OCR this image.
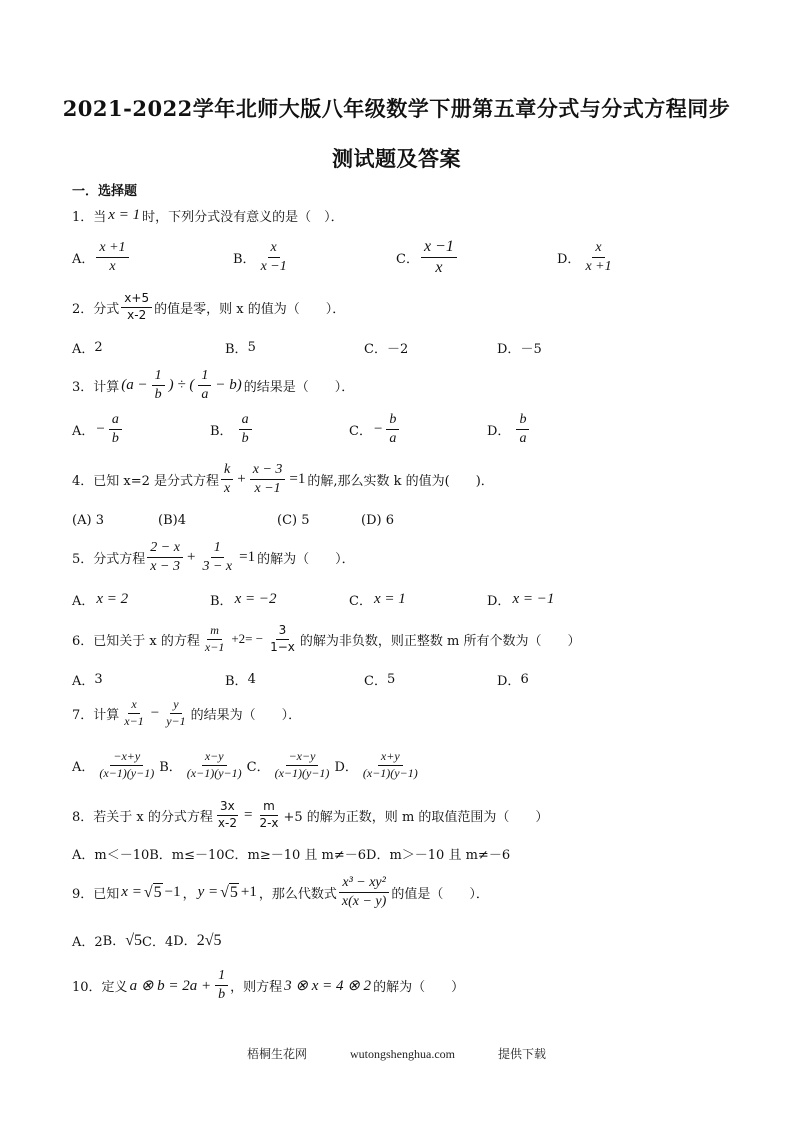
2021-2022学年北师大版八年级数学下册第五章分式与分式方程同步
测试题及答案
一．选择题
1． 当 x = 1 时，下列分式没有意义的是（　）．
A． $\frac{x +1}{x}$	B． $\frac{x}{x -1}$	C． $\frac{x -1}{x}$	D． $\frac{x}{x +1}$
2． 分式 $\frac{x+5}{x-2}$ 的值是零，则 x 的值为（　　）．
A． 2	B． 5	C． －2	D． －5
3． 计算 ($a - \frac{1}{b}$ ) ÷ ( $\frac{1}{a} - b$) 的结果是（　　）．
A． − $\frac{a}{b}$	B． $\frac{a}{b}$	C． − $\frac{b}{a}$	D． $\frac{b}{a}$
4． 已知 x=2 是分式方程 $\frac{k}{x} + \frac{x - 3}{x -1} =1$ 的解,那么实数 k 的值为(　　)．
(A)
3	(B) 4	(C)
5	(D)
6
5． 分式方程 $\frac{2 - x}{x - 3} + \frac{1}{3 - x} =1$ 的解为（　　）．
A． x = 2	B． x = −2	C． x = 1	D． x = −1
6． 已知关于 x 的方程 $\frac{m}{x-1} +2= - \frac{3}{1-x}$ 的解为非负数，则正整数 m 所有个数为（　　）
A． 3	B． 4	C． 5	D． 6
7． 计算 $\frac{x}{x-1} - \frac{y}{y-1}$ 的结果为（　　）．
A． $\frac{-x+y}{(x-1)(y-1)}$ B． $\frac{x-y}{(x-1)(y-1)}$ C． $\frac{-x-y}{(x-1)(y-1)}$ D． $\frac{x+y}{(x-1)(y-1)}$
8． 若关于 x 的分式方程 $\frac{3x}{x-2} = \frac{m}{2-x} +5$ 的解为正数，则 m 的取值范围为（　　）
A．m＜－10B．m≤－10C．m≥－10 且 m≠－6D．m＞－10 且 m≠－6
9． 已知 x = √5 −1 ， y = √5 +1 ，那么代数式 $\frac{\text{x³ − xy²}}{x(x - y)}$ 的值是（　　）．
A．2 B．√5 C．4 D．2√5
10． 定义 a ⊗ $b = 2a + \frac{1}{b}$ ，则方程 3 ⊗ x = 4 ⊗ 2 的解为（　　）
梧桐生花网	wutongshenghua.com	提供下载
